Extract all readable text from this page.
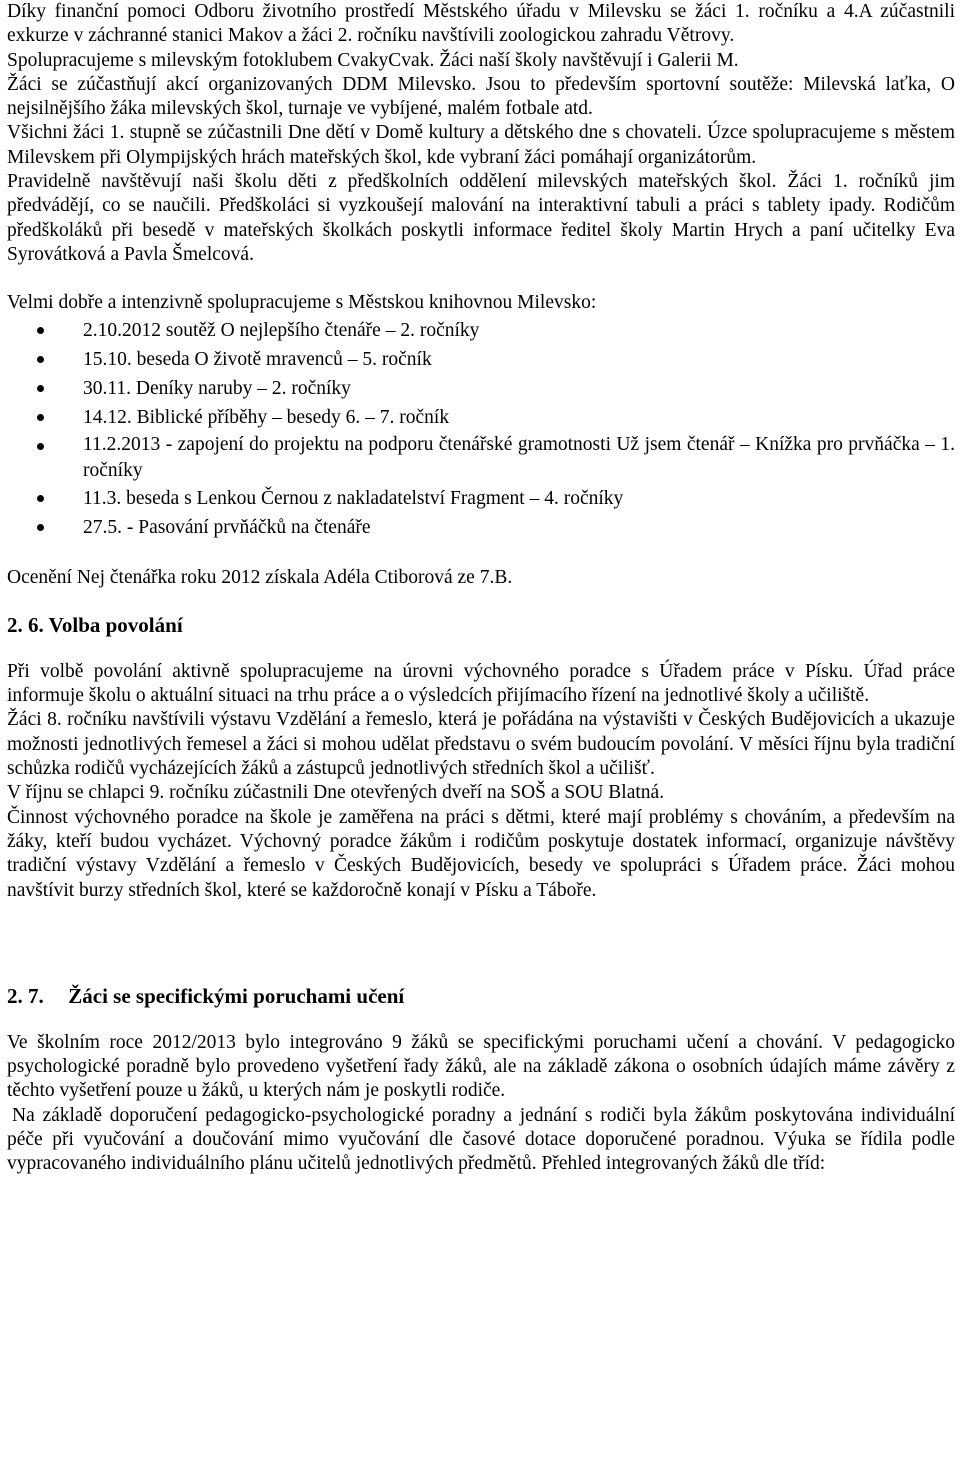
Díky finanční pomoci Odboru životního prostředí Městského úřadu v Milevsku se žáci 1. ročníku a 4.A zúčastnili exkurze v záchranné stanici Makov a žáci 2. ročníku navštívili zoologickou zahradu Větrovy.

Spolupracujeme s milevským fotoklubem CvakyCvak. Žáci naší školy navštěvují i Galerii M.

Žáci se zúčastňují akcí organizovaných DDM Milevsko. Jsou to především sportovní soutěže: Milevská laťka, O nejsilnějšího žáka milevských škol, turnaje ve vybíjené, malém fotbale atd.

Všichni žáci 1. stupně se zúčastnili Dne dětí v Domě kultury a dětského dne s chovateli. Úzce spolupracujeme s městem Milevskem při Olympijských hrách mateřských škol, kde vybraní žáci pomáhají organizátorům.

Pravidelně navštěvují naši školu děti z předškolních oddělení milevských mateřských škol. Žáci 1. ročníků jim předvádějí, co se naučili. Předškoláci si vyzkoušejí malování na interaktivní tabuli a práci s tablety ipady. Rodičům předškoláků při besedě v mateřských školkách poskytli informace ředitel školy Martin Hrych a paní učitelky Eva Syrovátková a Pavla Šmelcová.

Velmi dobře a intenzivně spolupracujeme s Městskou knihovnou Milevsko:

2.10.2012 soutěž O nejlepšího čtenáře – 2. ročníky
15.10. beseda O životě mravenců – 5. ročník
30.11. Deníky naruby – 2. ročníky
14.12. Biblické příběhy – besedy 6. – 7. ročník
11.2.2013 - zapojení do projektu na podporu čtenářské gramotnosti Už jsem čtenář – Knížka pro prvňáčka – 1. ročníky
11.3. beseda s Lenkou Černou z nakladatelství Fragment – 4. ročníky
27.5. - Pasování prvňáčků na čtenáře

Ocenění Nej čtenářka roku 2012 získala Adéla Ctiborová ze 7.B.

2. 6. Volba povolání

Při volbě povolání aktivně spolupracujeme na úrovni výchovného poradce s Úřadem práce v Písku. Úřad práce informuje školu o aktuální situaci na trhu práce a o výsledcích přijímacího řízení na jednotlivé školy a učiliště.

Žáci 8. ročníku navštívili výstavu Vzdělání a řemeslo, která je pořádána na výstavišti v Českých Budějovicích a ukazuje možnosti jednotlivých řemesel a žáci si mohou udělat představu o svém budoucím povolání. V měsíci říjnu byla tradiční schůzka rodičů vycházejících žáků a zástupců jednotlivých středních škol a učilišť.

V říjnu se chlapci 9. ročníku zúčastnili Dne otevřených dveří na SOŠ a SOU Blatná.

Činnost výchovného poradce na škole je zaměřena na práci s dětmi, které mají problémy s chováním, a především na žáky, kteří budou vycházet. Výchovný poradce žákům i rodičům poskytuje dostatek informací, organizuje návštěvy tradiční výstavy Vzdělání a řemeslo v Českých Budějovicích, besedy ve spolupráci s Úřadem práce. Žáci mohou navštívit burzy středních škol, které se každoročně konají v Písku a Táboře.

2. 7. Žáci se specifickými poruchami učení

Ve školním roce 2012/2013 bylo integrováno 9 žáků se specifickými poruchami učení a chování. V pedagogicko psychologické poradně bylo provedeno vyšetření řady žáků, ale na základě zákona o osobních údajích máme závěry z těchto vyšetření pouze u žáků, u kterých nám je poskytli rodiče.

Na základě doporučení pedagogicko-psychologické poradny a jednání s rodiči byla žákům poskytována individuální péče při vyučování a doučování mimo vyučování dle časové dotace doporučené poradnou. Výuka se řídila podle vypracovaného individuálního plánu učitelů jednotlivých předmětů. Přehled integrovaných žáků dle tříd:
